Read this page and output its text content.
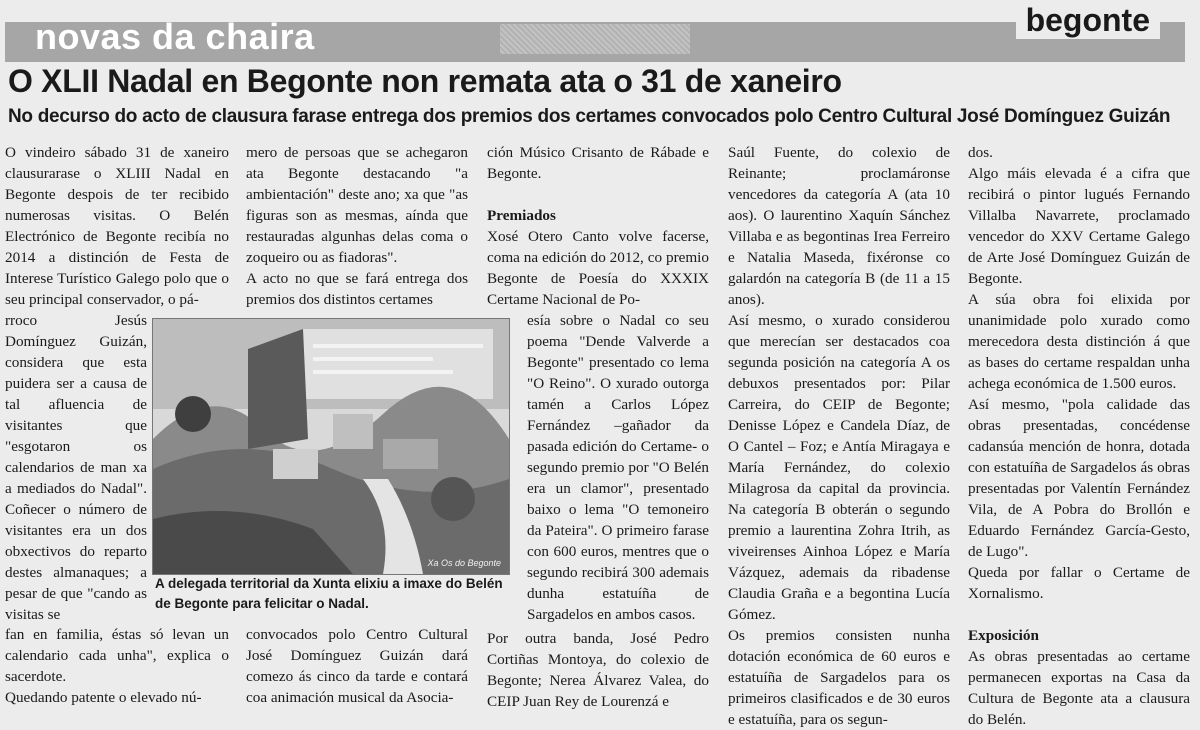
novas da chaira	begonte
O XLII Nadal en Begonte non remata ata o 31 de xaneiro
No decurso do acto de clausura farase entrega dos premios dos certames convocados polo Centro Cultural José Domínguez Guizán

O vindeiro sábado 31 de xaneiro clausurarase o XLIII Nadal en Begonte despois de ter recibido numerosas visitas. O Belén Electrónico de Begonte recibía no 2014 a distinción de Festa de Interese Turístico Galego polo que o seu principal conservador, o pá-

rroco Jesús Domínguez Guizán, considera que esta puidera ser a causa de tal afluencia de visitantes que "esgotaron os calendarios de man xa a mediados do Nadal". Coñecer o número de visitantes era un dos obxectivos do reparto destes almanaques; a pesar de que "cando as visitas se

fan en familia, éstas só levan un calendario cada unha", explica o sacerdote.

Quedando patente o elevado nú-

mero de persoas que se achegaron ata Begonte destacando "a ambientación" deste ano; xa que "as figuras son as mesmas, aínda que restauradas algunhas delas coma o zoqueiro ou as fiadoras".

A acto no que se fará entrega dos premios dos distintos certames

convocados polo Centro Cultural José Domínguez Guizán dará comezo ás cinco da tarde e contará coa animación musical da Asocia-

Xa Os do Begonte
A delegada territorial da Xunta elixiu a imaxe do Belén de Begonte para felicitar o Nadal.

ción Músico Crisanto de Rábade e Begonte.

Premiados

Xosé Otero Canto volve facerse, coma na edición do 2012, co premio Begonte de Poesía do XXXIX Certame Nacional de Po-

esía sobre o Nadal co seu poema "Dende Valverde a Begonte" presentado co lema "O Reino". O xurado outorga tamén a Carlos López Fernández –gañador da pasada edición do Certame- o segundo premio por "O Belén era un clamor", presentado baixo o lema "O temoneiro da Pateira". O primeiro farase con 600 euros, mentres que o segundo recibirá 300 ademais dunha estatuíña de Sargadelos en ambos casos.

Por outra banda, José Pedro Cortiñas Montoya, do colexio de Begonte; Nerea Álvarez Valea, do CEIP Juan Rey de Lourenzá e

Saúl Fuente, do colexio de Reinante; proclamáronse vencedores da categoría A (ata 10 aos). O laurentino Xaquín Sánchez Villaba e as begontinas Irea Ferreiro e Natalia Maseda, fixéronse co galardón na categoría B (de 11 a 15 anos).

Así mesmo, o xurado considerou que merecían ser destacados coa segunda posición na categoría A os debuxos presentados por: Pilar Carreira, do CEIP de Begonte; Denisse López e Candela Díaz, de O Cantel – Foz; e Antía Miragaya e María Fernández, do colexio Milagrosa da capital da provincia. Na categoría B obterán o segundo premio a laurentina Zohra Itrih, as viveirenses Ainhoa López e María Vázquez, ademais da ribadense Claudia Graña e a begontina Lucía Gómez.

Os premios consisten nunha dotación económica de 60 euros e estatuíña de Sargadelos para os primeiros clasificados e de 30 euros e estatuíña, para os segun-

dos.

Algo máis elevada é a cifra que recibirá o pintor lugués Fernando Villalba Navarrete, proclamado vencedor do XXV Certame Galego de Arte José Domínguez Guizán de Begonte.

A súa obra foi elixida por unanimidade polo xurado como merecedora desta distinción á que as bases do certame respaldan unha achega económica de 1.500 euros.

Así mesmo, "pola calidade das obras presentadas, concédense cadansúa mención de honra, dotada con estatuíña de Sargadelos ás obras presentadas por Valentín Fernández Vila, de A Pobra do Brollón e Eduardo Fernández García-Gesto, de Lugo".

Queda por fallar o Certame de Xornalismo.

Exposición

As obras presentadas ao certame permanecen exportas na Casa da Cultura de Begonte ata a clausura do Belén.
